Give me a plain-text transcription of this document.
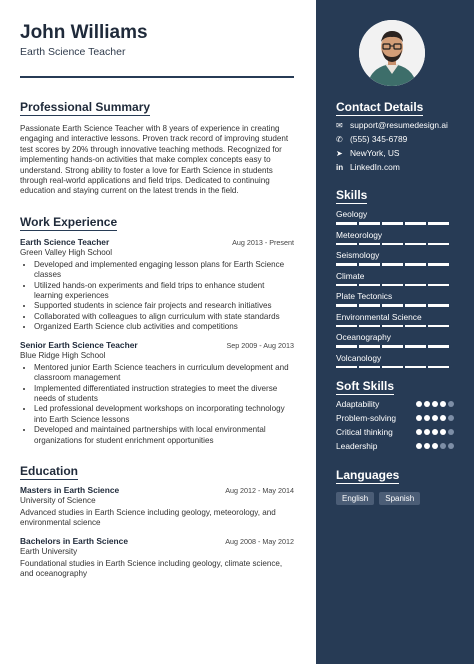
John Williams
Earth Science Teacher
Professional Summary
Passionate Earth Science Teacher with 8 years of experience in creating engaging and interactive lessons. Proven track record of improving student test scores by 20% through innovative teaching methods. Recognized for implementing hands-on activities that make complex concepts easy to understand. Strong ability to foster a love for Earth Science in students through real-world applications and field trips. Dedicated to continuing education and staying current on the latest trends in the field.
Work Experience
Earth Science Teacher	Aug 2013 - Present
Green Valley High School
• Developed and implemented engaging lesson plans for Earth Science classes
• Utilized hands-on experiments and field trips to enhance student learning experiences
• Supported students in science fair projects and research initiatives
• Collaborated with colleagues to align curriculum with state standards
• Organized Earth Science club activities and competitions
Senior Earth Science Teacher	Sep 2009 - Aug 2013
Blue Ridge High School
• Mentored junior Earth Science teachers in curriculum development and classroom management
• Implemented differentiated instruction strategies to meet the diverse needs of students
• Led professional development workshops on incorporating technology into Earth Science lessons
• Developed and maintained partnerships with local environmental organizations for student enrichment opportunities
Education
Masters in Earth Science	Aug 2012 - May 2014
University of Science
Advanced studies in Earth Science including geology, meteorology, and environmental science
Bachelors in Earth Science	Aug 2008 - May 2012
Earth University
Foundational studies in Earth Science including geology, climate science, and oceanography
Contact Details
✉ support@resumedesign.ai
✆ (555) 345-6789
➤ NewYork, US
in LinkedIn.com
Skills
Geology
Meteorology
Seismology
Climate
Plate Tectonics
Environmental Science
Oceanography
Volcanology
Soft Skills
Adaptability
Problem-solving
Critical thinking
Leadership
Languages
English	Spanish
